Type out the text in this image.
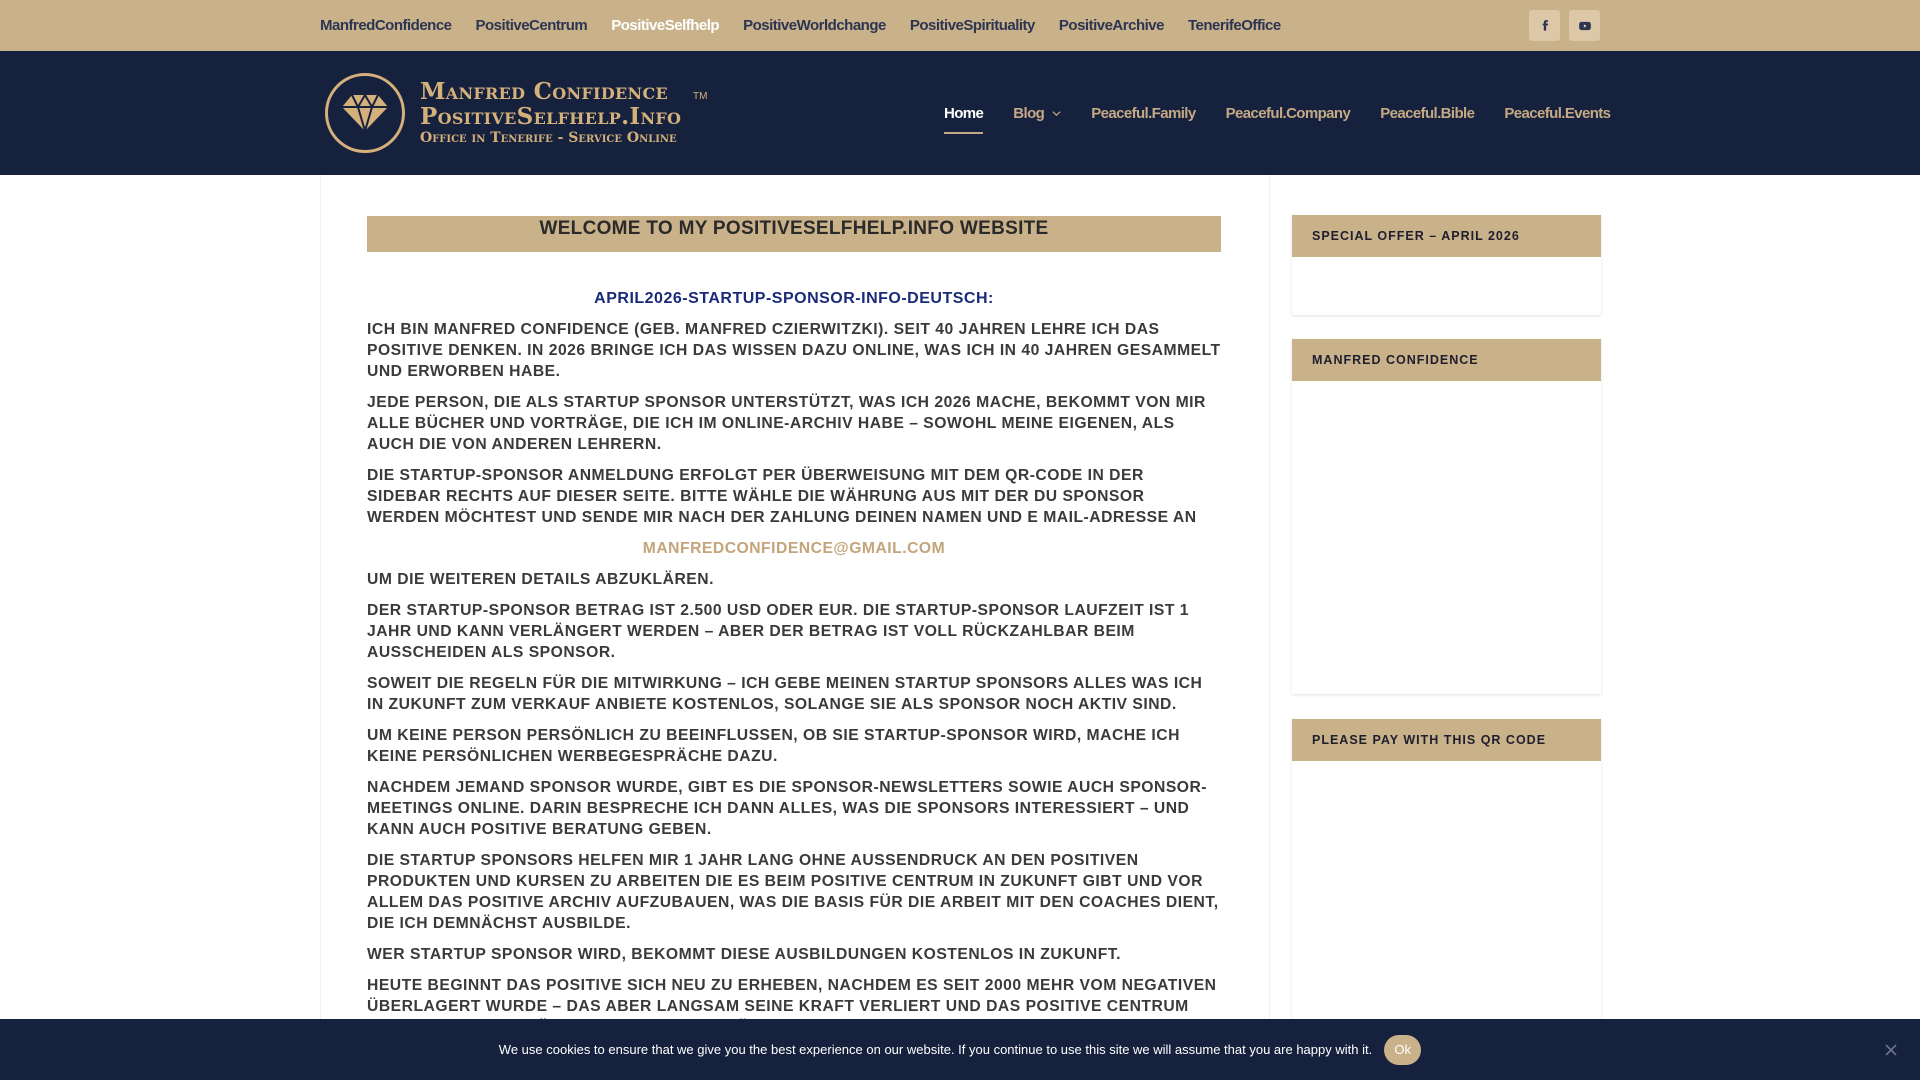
ManfredConfidence PositiveCentrum PositiveSelfhelp PositiveWorldchange PositiveSpirituality PositiveArchive TenerifeOffice
Manfred Confidence
PositiveSelfhelp.Info
Office in Tenerife - Service Online
TM
Home Blog	Peaceful.Family Peaceful.Company Peaceful.Bible Peaceful.Events
WELCOME TO MY POSITIVESELFHELP.INFO WEBSITE

APRIL2026-STARTUP-SPONSOR-INFO-DEUTSCH:

ICH BIN MANFRED CONFIDENCE (GEB. MANFRED CZIERWITZKI). SEIT 40 JAHREN LEHRE ICH DAS POSITIVE DENKEN. IN 2026 BRINGE ICH DAS WISSEN DAZU ONLINE, WAS ICH IN 40 JAHREN GESAMMELT UND ERWORBEN HABE.

JEDE PERSON, DIE ALS STARTUP SPONSOR UNTERSTÜTZT, WAS ICH 2026 MACHE, BEKOMMT VON MIR ALLE BÜCHER UND VORTRÄGE, DIE ICH IM ONLINE-ARCHIV HABE – SOWOHL MEINE EIGENEN, ALS AUCH DIE VON ANDEREN LEHRERN.

DIE STARTUP-SPONSOR ANMELDUNG ERFOLGT PER ÜBERWEISUNG MIT DEM QR-CODE IN DER SIDEBAR RECHTS AUF DIESER SEITE. BITTE WÄHLE DIE WÄHRUNG AUS MIT DER DU SPONSOR WERDEN MÖCHTEST UND SENDE MIR NACH DER ZAHLUNG DEINEN NAMEN UND E MAIL-ADRESSE AN

MANFREDCONFIDENCE@GMAIL.COM

UM DIE WEITEREN DETAILS ABZUKLÄREN.

DER STARTUP-SPONSOR BETRAG IST 2.500 USD ODER EUR. DIE STARTUP-SPONSOR LAUFZEIT IST 1 JAHR UND KANN VERLÄNGERT WERDEN – ABER DER BETRAG IST VOLL RÜCKZAHLBAR BEIM AUSSCHEIDEN ALS SPONSOR.

SOWEIT DIE REGELN FÜR DIE MITWIRKUNG – ICH GEBE MEINEN STARTUP SPONSORS ALLES WAS ICH IN ZUKUNFT ZUM VERKAUF ANBIETE KOSTENLOS, SOLANGE SIE ALS SPONSOR NOCH AKTIV SIND.

UM KEINE PERSON PERSÖNLICH ZU BEEINFLUSSEN, OB SIE STARTUP-SPONSOR WIRD, MACHE ICH KEINE PERSÖNLICHEN WERBEGESPRÄCHE DAZU.

NACHDEM JEMAND SPONSOR WURDE, GIBT ES DIE SPONSOR-NEWSLETTERS SOWIE AUCH SPONSOR-MEETINGS ONLINE. DARIN BESPRECHE ICH DANN ALLES, WAS DIE SPONSORS INTERESSIERT – UND KANN AUCH POSITIVE BERATUNG GEBEN.

DIE STARTUP SPONSORS HELFEN MIR 1 JAHR LANG OHNE AUSSENDRUCK AN DEN POSITIVEN PRODUKTEN UND KURSEN ZU ARBEITEN DIE ES BEIM POSITIVE CENTRUM IN ZUKUNFT GIBT UND VOR ALLEM DAS POSITIVE ARCHIV AUFZUBAUEN, WAS DIE BASIS FÜR DIE ARBEIT MIT DEN COACHES DIENT, DIE ICH DEMNÄCHST AUSBILDE.

WER STARTUP SPONSOR WIRD, BEKOMMT DIESE AUSBILDUNGEN KOSTENLOS IN ZUKUNFT.

HEUTE BEGINNT DAS POSITIVE SICH NEU ZU ERHEBEN, NACHDEM ES SEIT 2000 MEHR VOM NEGATIVEN ÜBERLAGERT WURDE – DAS ABER LANGSAM SEINE KRAFT VERLIERT UND DAS POSITIVE CENTRUM

SPECIAL OFFER – APRIL 2026
MANFRED CONFIDENCE
PLEASE PAY WITH THIS QR CODE
We use cookies to ensure that we give you the best experience on our website. If you continue to use this site we will assume that you are happy with it.	Ok
